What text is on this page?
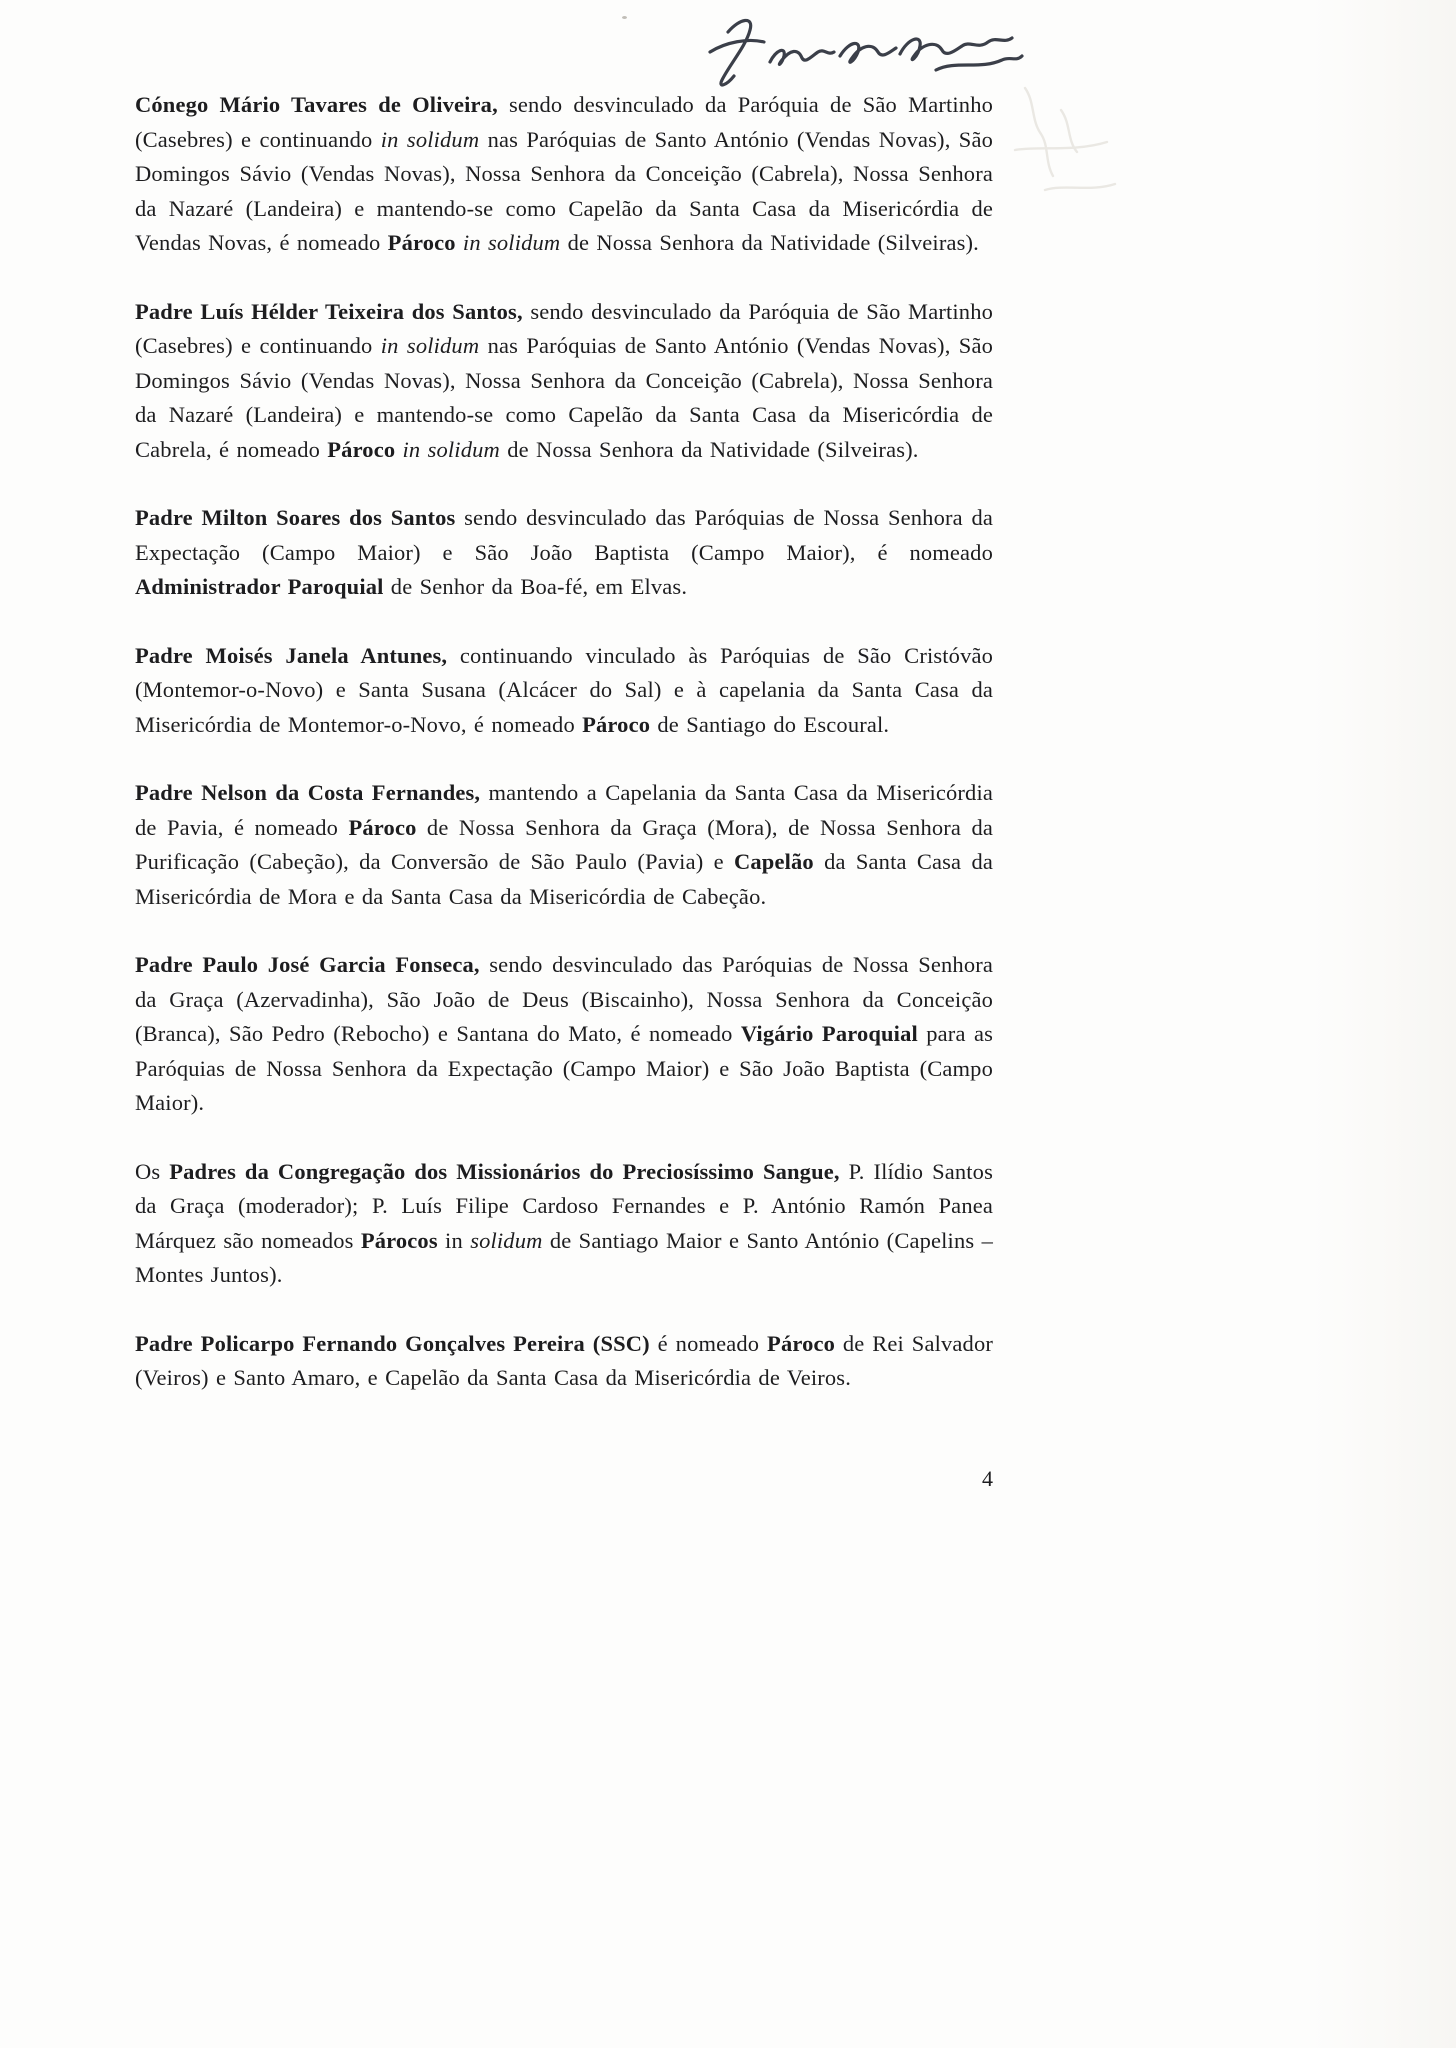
Cónego Mário Tavares de Oliveira, sendo desvinculado da Paróquia de São Martinho (Casebres) e continuando in solidum nas Paróquias de Santo António (Vendas Novas), São Domingos Sávio (Vendas Novas), Nossa Senhora da Conceição (Cabrela), Nossa Senhora da Nazaré (Landeira) e mantendo-se como Capelão da Santa Casa da Misericórdia de Vendas Novas, é nomeado Pároco in solidum de Nossa Senhora da Natividade (Silveiras).

Padre Luís Hélder Teixeira dos Santos, sendo desvinculado da Paróquia de São Martinho (Casebres) e continuando in solidum nas Paróquias de Santo António (Vendas Novas), São Domingos Sávio (Vendas Novas), Nossa Senhora da Conceição (Cabrela), Nossa Senhora da Nazaré (Landeira) e mantendo-se como Capelão da Santa Casa da Misericórdia de Cabrela, é nomeado Pároco in solidum de Nossa Senhora da Natividade (Silveiras).

Padre Milton Soares dos Santos sendo desvinculado das Paróquias de Nossa Senhora da Expectação (Campo Maior) e São João Baptista (Campo Maior), é nomeado Administrador Paroquial de Senhor da Boa-fé, em Elvas.

Padre Moisés Janela Antunes, continuando vinculado às Paróquias de São Cristóvão (Montemor-o-Novo) e Santa Susana (Alcácer do Sal) e à capelania da Santa Casa da Misericórdia de Montemor-o-Novo, é nomeado Pároco de Santiago do Escoural.

Padre Nelson da Costa Fernandes, mantendo a Capelania da Santa Casa da Misericórdia de Pavia, é nomeado Pároco de Nossa Senhora da Graça (Mora), de Nossa Senhora da Purificação (Cabeção), da Conversão de São Paulo (Pavia) e Capelão da Santa Casa da Misericórdia de Mora e da Santa Casa da Misericórdia de Cabeção.

Padre Paulo José Garcia Fonseca, sendo desvinculado das Paróquias de Nossa Senhora da Graça (Azervadinha), São João de Deus (Biscainho), Nossa Senhora da Conceição (Branca), São Pedro (Rebocho) e Santana do Mato, é nomeado Vigário Paroquial para as Paróquias de Nossa Senhora da Expectação (Campo Maior) e São João Baptista (Campo Maior).

Os Padres da Congregação dos Missionários do Preciosíssimo Sangue, P. Ilídio Santos da Graça (moderador); P. Luís Filipe Cardoso Fernandes e P. António Ramón Panea Márquez são nomeados Párocos in solidum de Santiago Maior e Santo António (Capelins – Montes Juntos).

Padre Policarpo Fernando Gonçalves Pereira (SSC) é nomeado Pároco de Rei Salvador (Veiros) e Santo Amaro, e Capelão da Santa Casa da Misericórdia de Veiros.

4
